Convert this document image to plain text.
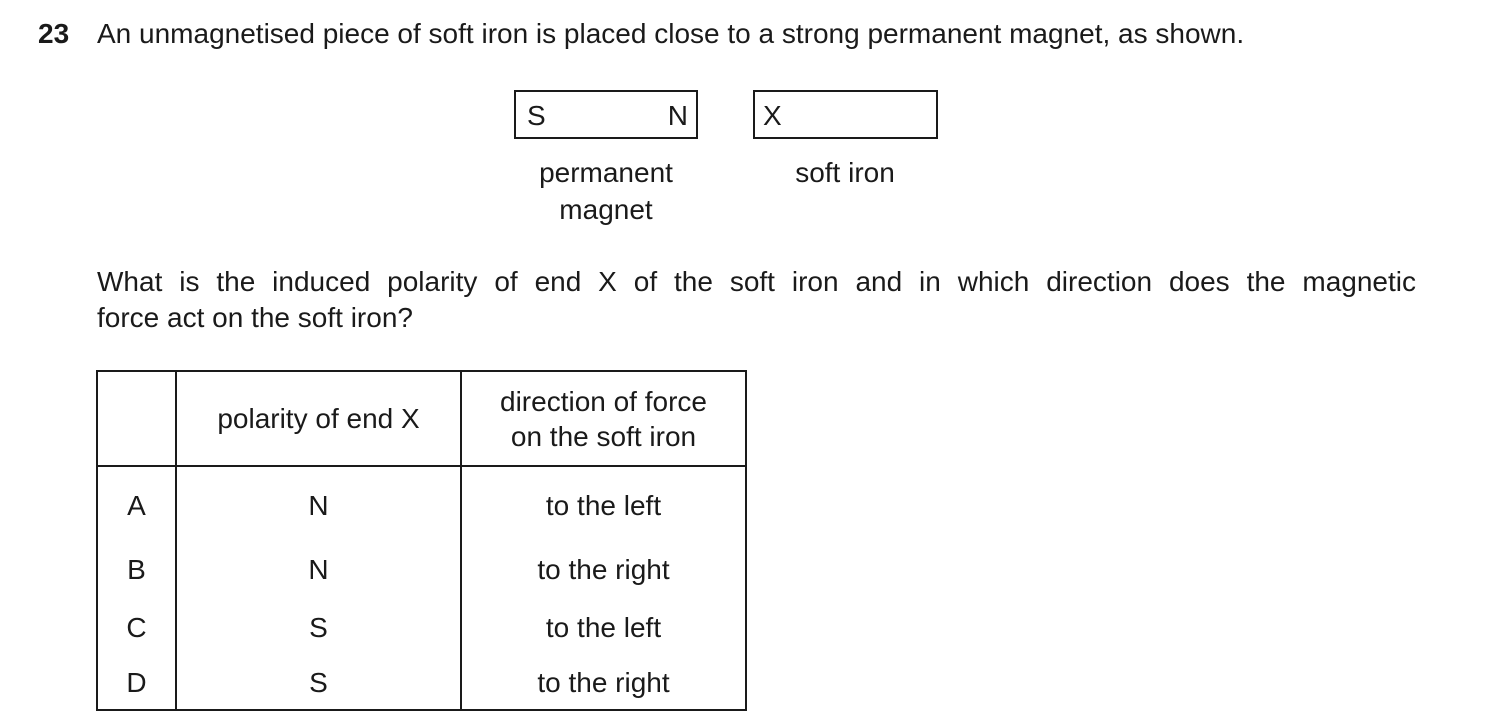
23 An unmagnetised piece of soft iron is placed close to a strong permanent magnet, as shown.
S	N	X
permanent
magnet
soft iron
What is the induced polarity of end X of the soft iron and in which direction does the magnetic
force act on the soft iron?
	polarity of end X	direction of force
on the soft iron

A	N	to the left
B	N	to the right
C	S	to the left
D	S	to the right
